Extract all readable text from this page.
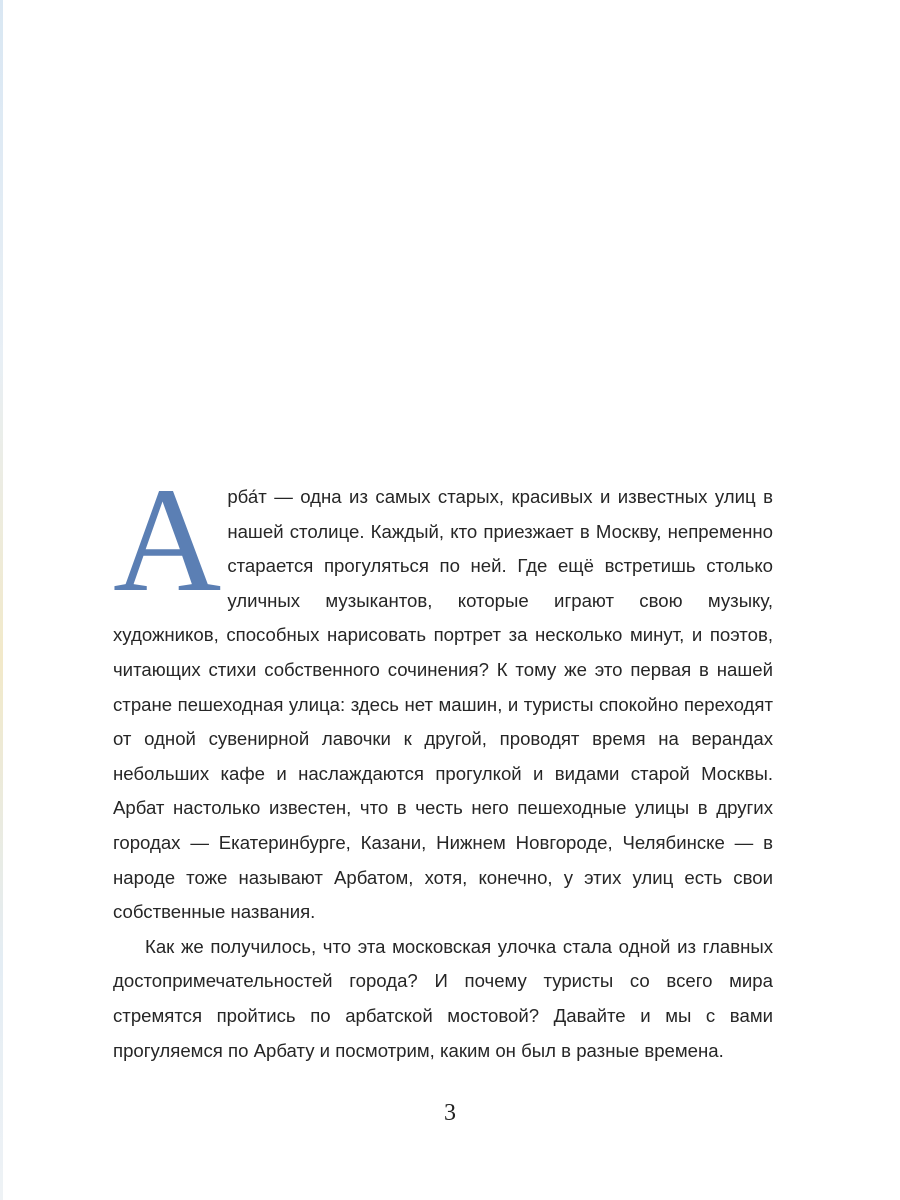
Арба́т — одна из самых старых, красивых и известных улиц в нашей столице. Каждый, кто приезжает в Москву, непременно старается прогуляться по ней. Где ещё встретишь столько уличных музыкантов, которые играют свою музыку, художников, способных нарисовать портрет за несколько минут, и поэтов, читающих стихи собственного сочинения? К тому же это первая в нашей стране пешеходная улица: здесь нет машин, и туристы спокойно переходят от одной сувенирной лавочки к другой, проводят время на верандах небольших кафе и наслаждаются прогулкой и видами старой Москвы. Арбат настолько известен, что в честь него пешеходные улицы в других городах — Екатеринбурге, Казани, Нижнем Новгороде, Челябинске — в народе тоже называют Арбатом, хотя, конечно, у этих улиц есть свои собственные названия.

Как же получилось, что эта московская улочка стала одной из главных достопримечательностей города? И почему туристы со всего мира стремятся пройтись по арбатской мостовой? Давайте и мы с вами прогуляемся по Арбату и посмотрим, каким он был в разные времена.

3
